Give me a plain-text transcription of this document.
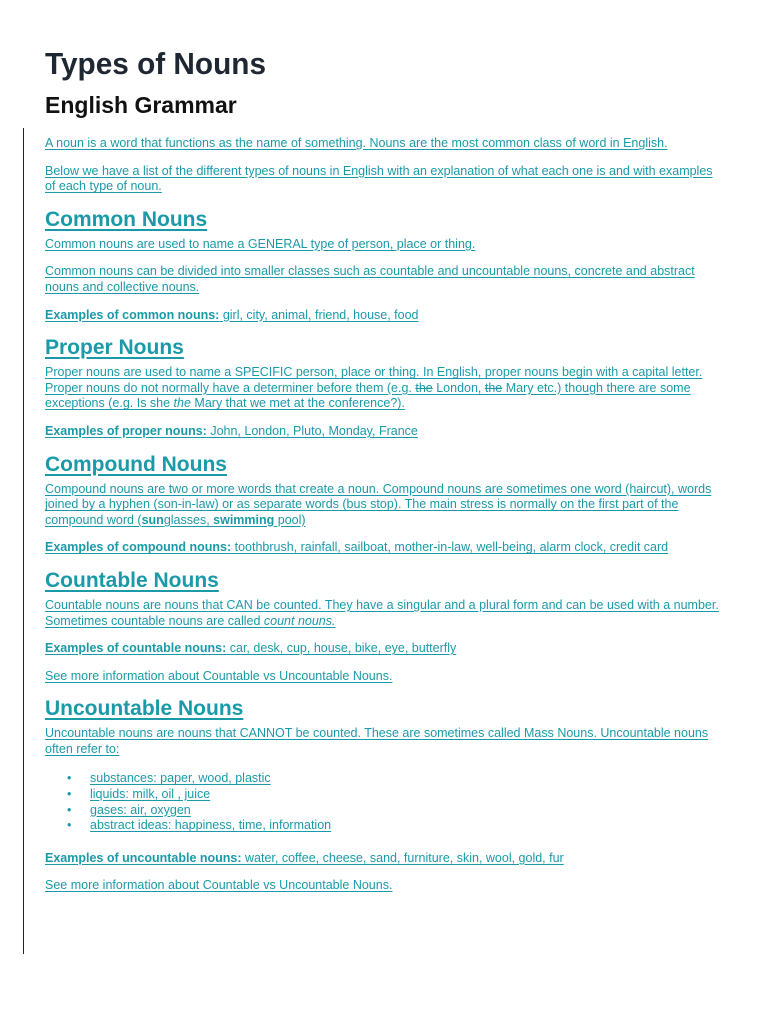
Types of Nouns
English Grammar

A noun is a word that functions as the name of something. Nouns are the most common class of word in English.

Below we have a list of the different types of nouns in English with an explanation of what each one is and with examples of each type of noun.

Common Nouns

Common nouns are used to name a GENERAL type of person, place or thing.

Common nouns can be divided into smaller classes such as countable and uncountable nouns, concrete and abstract nouns and collective nouns.

Examples of common nouns: girl, city, animal, friend, house, food

Proper Nouns

Proper nouns are used to name a SPECIFIC person, place or thing. In English, proper nouns begin with a capital letter. Proper nouns do not normally have a determiner before them (e.g. the London, the Mary etc.) though there are some exceptions (e.g. Is she the Mary that we met at the conference?).

Examples of proper nouns: John, London, Pluto, Monday, France

Compound Nouns

Compound nouns are two or more words that create a noun. Compound nouns are sometimes one word (haircut), words joined by a hyphen (son-in-law) or as separate words (bus stop). The main stress is normally on the first part of the compound word (sunglasses, swimming pool)

Examples of compound nouns: toothbrush, rainfall, sailboat, mother-in-law, well-being, alarm clock, credit card

Countable Nouns

Countable nouns are nouns that CAN be counted. They have a singular and a plural form and can be used with a number. Sometimes countable nouns are called count nouns.

Examples of countable nouns: car, desk, cup, house, bike, eye, butterfly

See more information about Countable vs Uncountable Nouns.

Uncountable Nouns

Uncountable nouns are nouns that CANNOT be counted. These are sometimes called Mass Nouns. Uncountable nouns often refer to:

• substances: paper, wood, plastic
• liquids: milk, oil , juice
• gases: air, oxygen
• abstract ideas: happiness, time, information

Examples of uncountable nouns: water, coffee, cheese, sand, furniture, skin, wool, gold, fur

See more information about Countable vs Uncountable Nouns.
